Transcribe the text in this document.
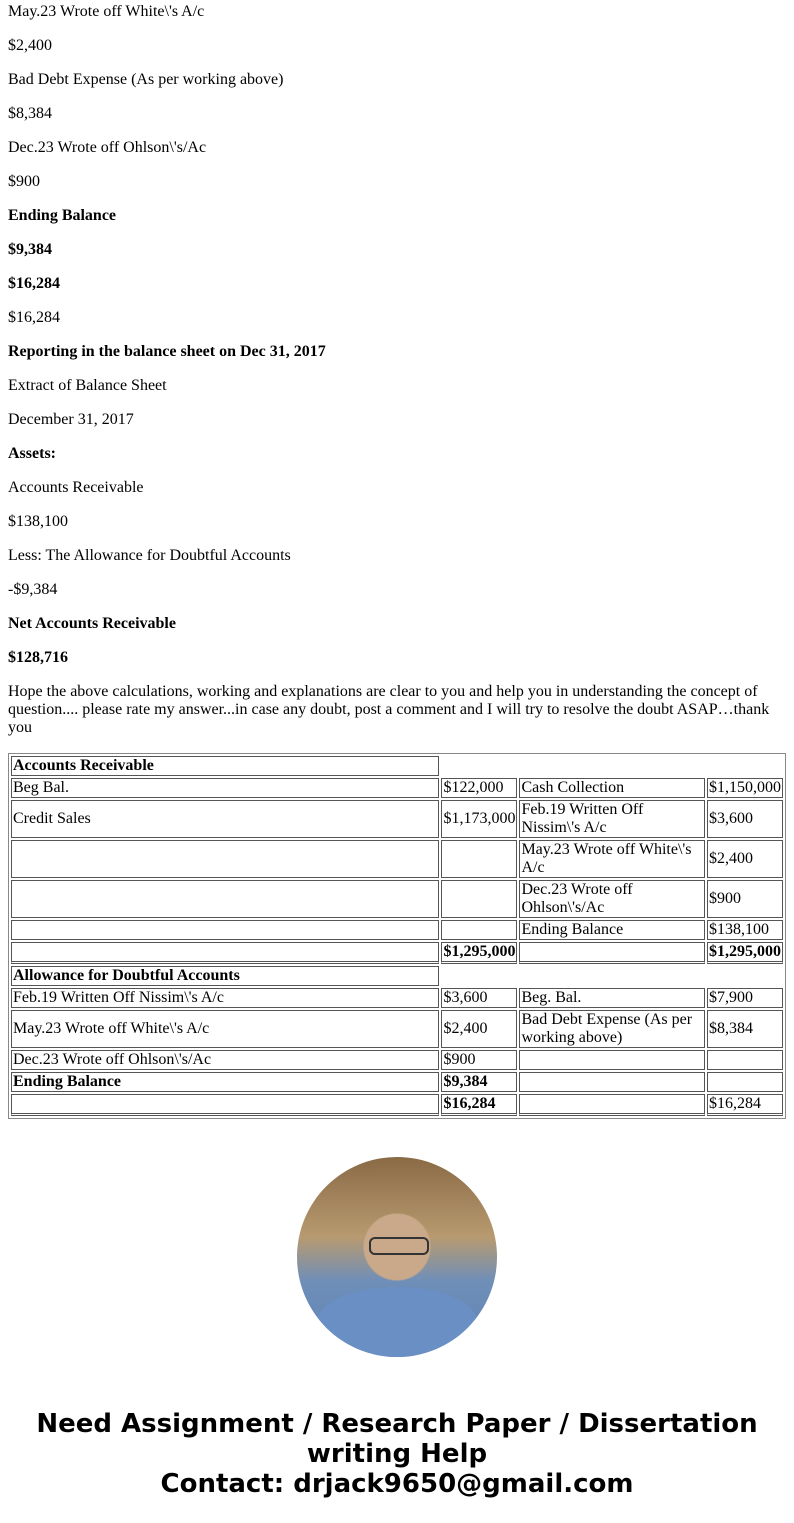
May.23 Wrote off White\'s A/c

$2,400

Bad Debt Expense (As per working above)

$8,384

Dec.23 Wrote off Ohlson\'s/Ac

$900

Ending Balance

$9,384

$16,284

$16,284

Reporting in the balance sheet on Dec 31, 2017

Extract of Balance Sheet

December 31, 2017

Assets:

Accounts Receivable

$138,100

Less: The Allowance for Doubtful Accounts

-$9,384

Net Accounts Receivable

$128,716

Hope the above calculations, working and explanations are clear to you and help you in understanding the concept of question.... please rate my answer...in case any doubt, post a comment and I will try to resolve the doubt ASAP…thank you

Accounts Receivable			
Beg Bal.	$122,000	Cash Collection	$1,150,000
Credit Sales	$1,173,000	Feb.19 Written Off Nissim\'s A/c	$3,600
		May.23 Wrote off White\'s A/c	$2,400
		Dec.23 Wrote off Ohlson\'s/Ac	$900
		Ending Balance	$138,100
	$1,295,000		$1,295,000
Allowance for Doubtful Accounts			
Feb.19 Written Off Nissim\'s A/c	$3,600	Beg. Bal.	$7,900
May.23 Wrote off White\'s A/c	$2,400	Bad Debt Expense (As per working above)	$8,384
Dec.23 Wrote off Ohlson\'s/Ac	$900		
Ending Balance	$9,384		
	$16,284		$16,284
Need Assignment / Research Paper / Dissertation writing Help
Contact: drjack9650@gmail.com
